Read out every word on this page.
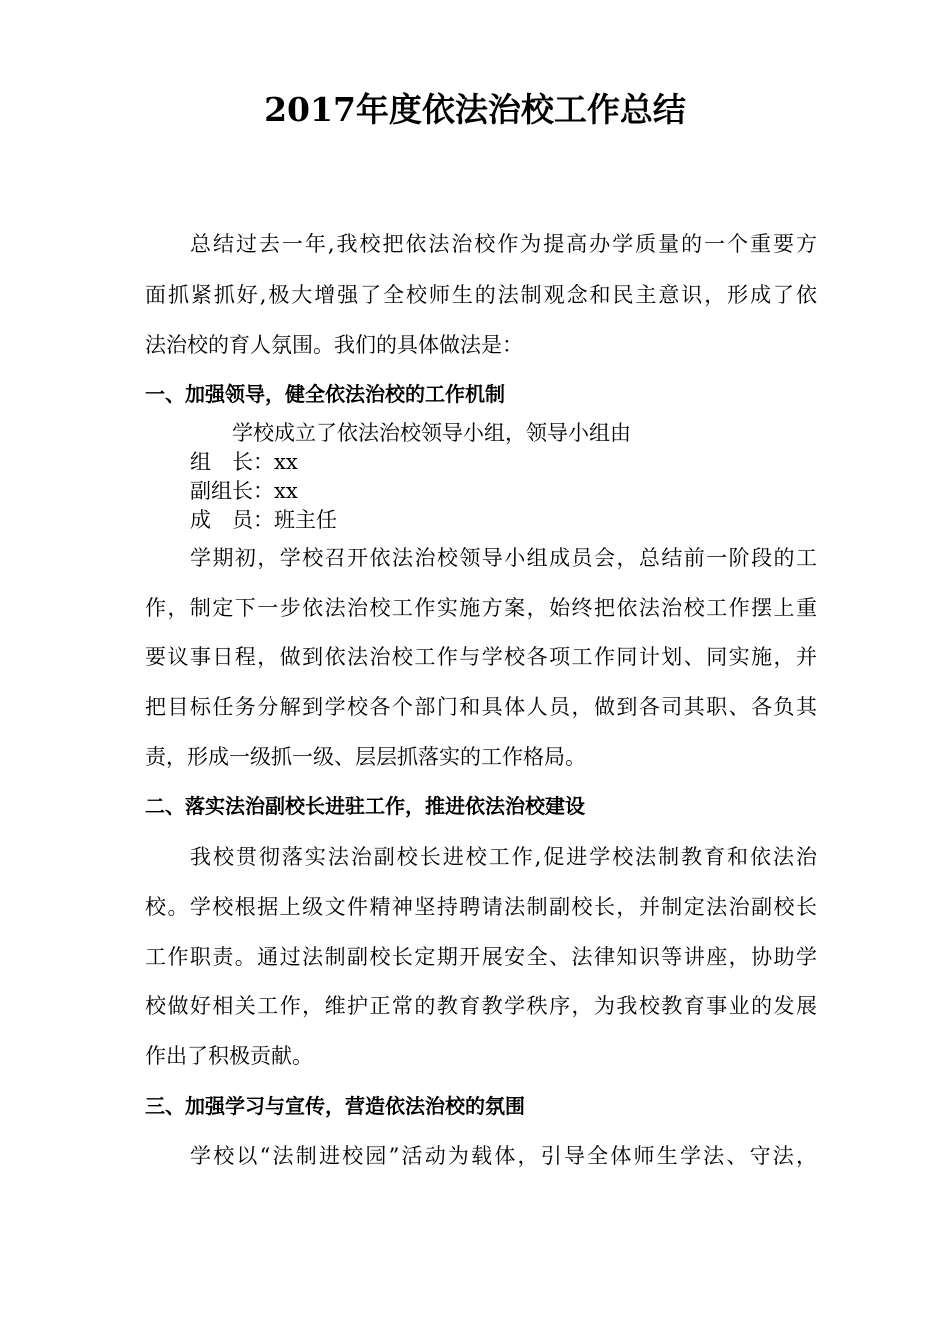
2017年度依法治校工作总结
总结过去一年,我校把依法治校作为提高办学质量的一个重要方
面抓紧抓好,极大增强了全校师生的法制观念和民主意识，形成了依
法治校的育人氛围。我们的具体做法是：
一、加强领导，健全依法治校的工作机制
学校成立了依法治校领导小组，领导小组由
组　长：xx
副组长：xx
成　员：班主任
学期初，学校召开依法治校领导小组成员会，总结前一阶段的工
作，制定下一步依法治校工作实施方案，始终把依法治校工作摆上重
要议事日程，做到依法治校工作与学校各项工作同计划、同实施，并
把目标任务分解到学校各个部门和具体人员，做到各司其职、各负其
责，形成一级抓一级、层层抓落实的工作格局。
二、落实法治副校长进驻工作，推进依法治校建设
我校贯彻落实法治副校长进校工作,促进学校法制教育和依法治
校。学校根据上级文件精神坚持聘请法制副校长，并制定法治副校长
工作职责。通过法制副校长定期开展安全、法律知识等讲座，协助学
校做好相关工作，维护正常的教育教学秩序，为我校教育事业的发展
作出了积极贡献。
三、加强学习与宣传，营造依法治校的氛围
学校以“法制进校园”活动为载体，引导全体师生学法、守法，
